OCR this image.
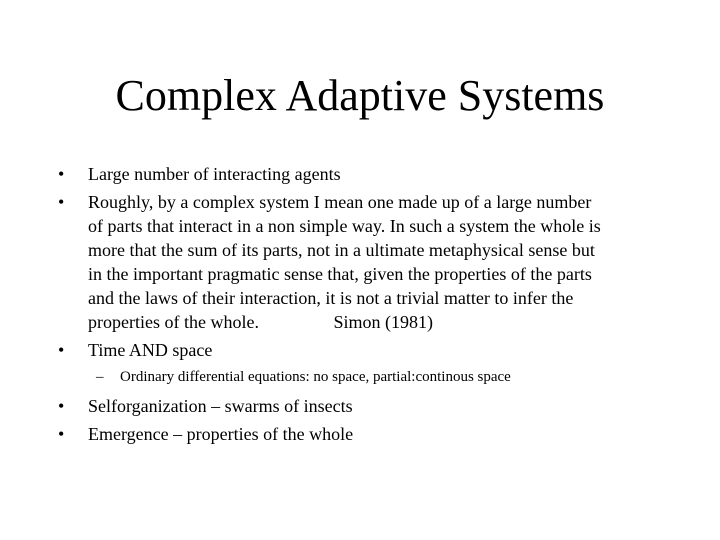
Complex Adaptive Systems
• Large number of interacting agents
• Roughly, by a complex system I mean one made up of a large number
of parts that interact in a non simple way. In such a system the whole is
more that the sum of its parts, not in a ultimate metaphysical sense but
in the important pragmatic sense that, given the properties of the parts
and the laws of their interaction, it is not a trivial matter to infer the
properties of the whole.	Simon (1981)
• Time AND space
– Ordinary differential equations: no space, partial:continous space
• Selforganization – swarms of insects
• Emergence – properties of the whole
